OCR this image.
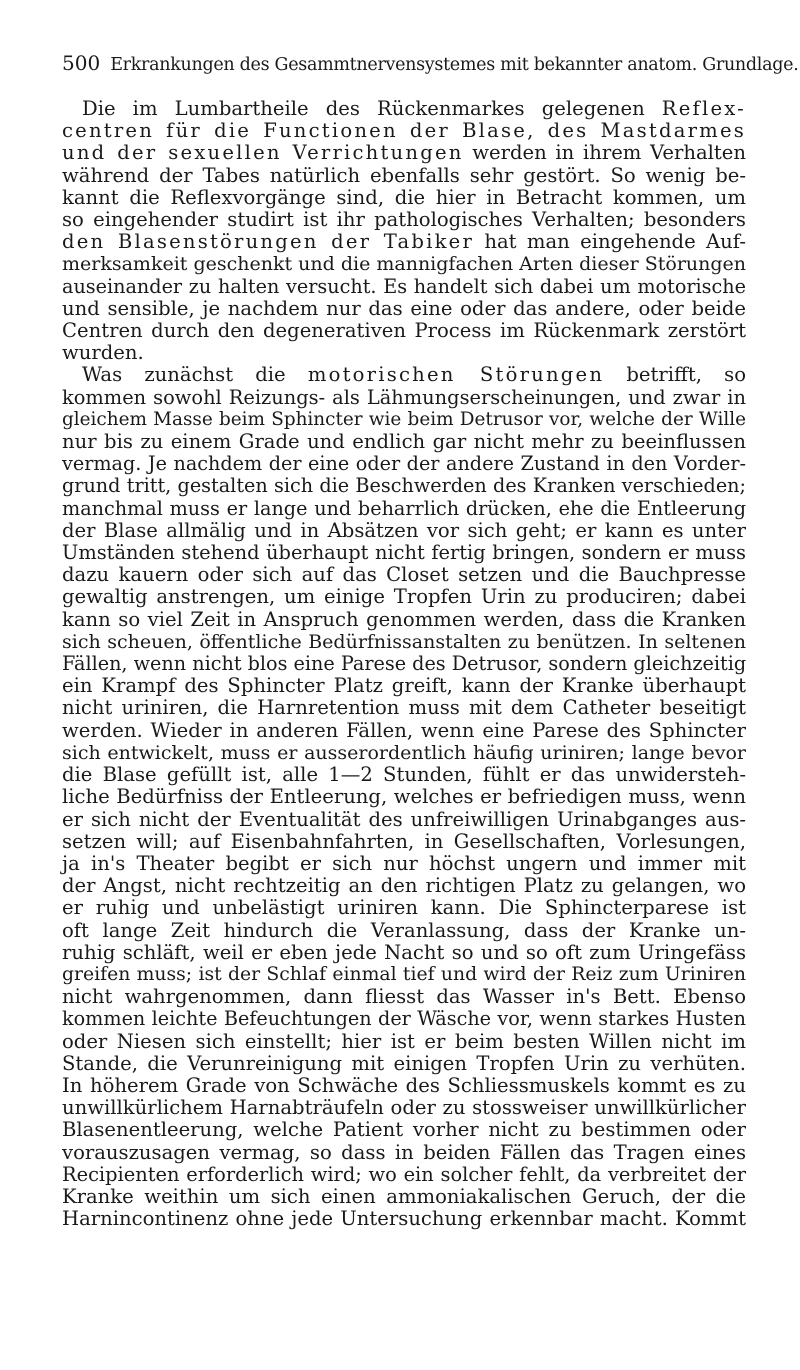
500 Erkrankungen des Gesammtnervensystemes mit bekannter anatom. Grundlage.
Die im Lumbartheile des Rückenmarkes gelegenen Reflex-
centren für die Functionen der Blase, des Mastdarmes
und der sexuellen Verrichtungen werden in ihrem Verhalten
während der Tabes natürlich ebenfalls sehr gestört. So wenig be-
kannt die Reflexvorgänge sind, die hier in Betracht kommen, um
so eingehender studirt ist ihr pathologisches Verhalten; besonders
den Blasenstörungen der Tabiker hat man eingehende Auf-
merksamkeit geschenkt und die mannigfachen Arten dieser Störungen
auseinander zu halten versucht. Es handelt sich dabei um motorische
und sensible, je nachdem nur das eine oder das andere, oder beide
Centren durch den degenerativen Process im Rückenmark zerstört
wurden.
Was zunächst die motorischen Störungen betrifft, so
kommen sowohl Reizungs- als Lähmungserscheinungen, und zwar in
gleichem Masse beim Sphincter wie beim Detrusor vor, welche der Wille
nur bis zu einem Grade und endlich gar nicht mehr zu beeinflussen
vermag. Je nachdem der eine oder der andere Zustand in den Vorder-
grund tritt, gestalten sich die Beschwerden des Kranken verschieden;
manchmal muss er lange und beharrlich drücken, ehe die Entleerung
der Blase allmälig und in Absätzen vor sich geht; er kann es unter
Umständen stehend überhaupt nicht fertig bringen, sondern er muss
dazu kauern oder sich auf das Closet setzen und die Bauchpresse
gewaltig anstrengen, um einige Tropfen Urin zu produciren; dabei
kann so viel Zeit in Anspruch genommen werden, dass die Kranken
sich scheuen, öffentliche Bedürfnissanstalten zu benützen. In seltenen
Fällen, wenn nicht blos eine Parese des Detrusor, sondern gleichzeitig
ein Krampf des Sphincter Platz greift, kann der Kranke überhaupt
nicht uriniren, die Harnretention muss mit dem Catheter beseitigt
werden. Wieder in anderen Fällen, wenn eine Parese des Sphincter
sich entwickelt, muss er ausserordentlich häufig uriniren; lange bevor
die Blase gefüllt ist, alle 1—2 Stunden, fühlt er das unwidersteh-
liche Bedürfniss der Entleerung, welches er befriedigen muss, wenn
er sich nicht der Eventualität des unfreiwilligen Urinabganges aus-
setzen will; auf Eisenbahnfahrten, in Gesellschaften, Vorlesungen,
ja in's Theater begibt er sich nur höchst ungern und immer mit
der Angst, nicht rechtzeitig an den richtigen Platz zu gelangen, wo
er ruhig und unbelästigt uriniren kann. Die Sphincterparese ist
oft lange Zeit hindurch die Veranlassung, dass der Kranke un-
ruhig schläft, weil er eben jede Nacht so und so oft zum Uringefäss
greifen muss; ist der Schlaf einmal tief und wird der Reiz zum Uriniren
nicht wahrgenommen, dann fliesst das Wasser in's Bett. Ebenso
kommen leichte Befeuchtungen der Wäsche vor, wenn starkes Husten
oder Niesen sich einstellt; hier ist er beim besten Willen nicht im
Stande, die Verunreinigung mit einigen Tropfen Urin zu verhüten.
In höherem Grade von Schwäche des Schliessmuskels kommt es zu
unwillkürlichem Harnabträufeln oder zu stossweiser unwillkürlicher
Blasenentleerung, welche Patient vorher nicht zu bestimmen oder
vorauszusagen vermag, so dass in beiden Fällen das Tragen eines
Recipienten erforderlich wird; wo ein solcher fehlt, da verbreitet der
Kranke weithin um sich einen ammoniakalischen Geruch, der die
Harnincontinenz ohne jede Untersuchung erkennbar macht. Kommt
